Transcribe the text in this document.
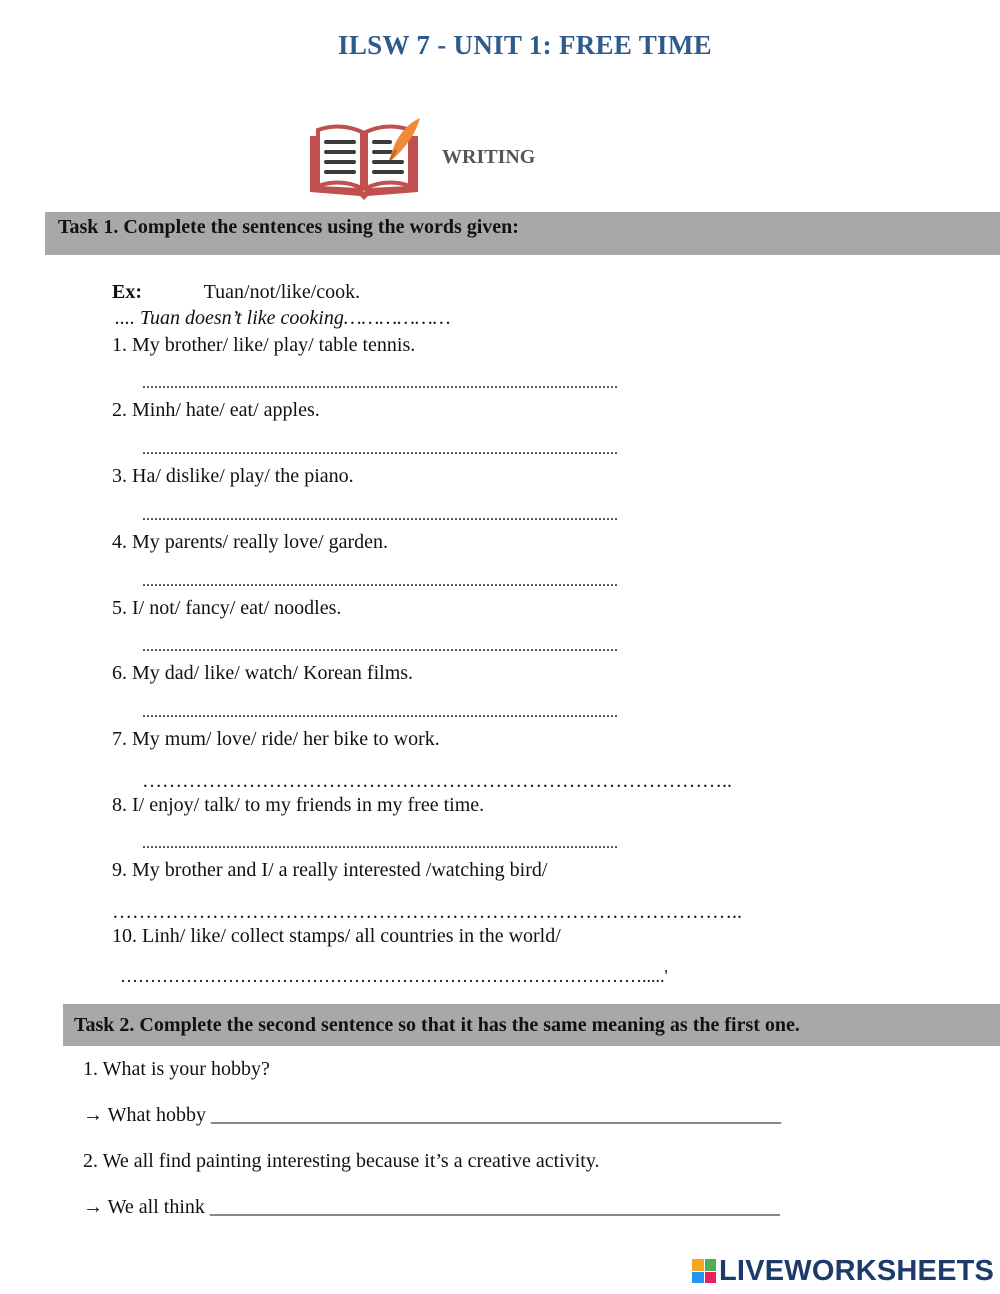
ILSW 7 - UNIT 1: FREE TIME
WRITING
Task 1. Complete the sentences using the words given:
Ex:	Tuan/not/like/cook.
.... Tuan doesn’t like cooking………………
1. My brother/ like/ play/ table tennis.
.......................................................................................................................
2. Minh/ hate/ eat/ apples.
.......................................................................................................................
3. Ha/ dislike/ play/ the piano.
.......................................................................................................................
4. My parents/ really love/ garden.
.......................................................................................................................
5. I/ not/ fancy/ eat/ noodles.
.......................................................................................................................
6. My dad/ like/ watch/ Korean films.
.......................................................................................................................
7. My mum/ love/ ride/ her bike to work.
……………………………………………………………………………..
8. I/ enjoy/ talk/ to my friends in my free time.
.......................................................................................................................
9. My brother and I/ a really interested /watching bird/
…………………………………………………………………………………..
10. Linh/ like/ collect stamps/ all countries in the world/
…………………………………………………………………………….....'
Task 2. Complete the second sentence so that it has the same meaning as the first one.
1. What is your hobby?
→ What hobby _________________________________________________________
2. We all find painting interesting because it’s a creative activity.
→ We all think _________________________________________________________
LIVEWORKSHEETS
